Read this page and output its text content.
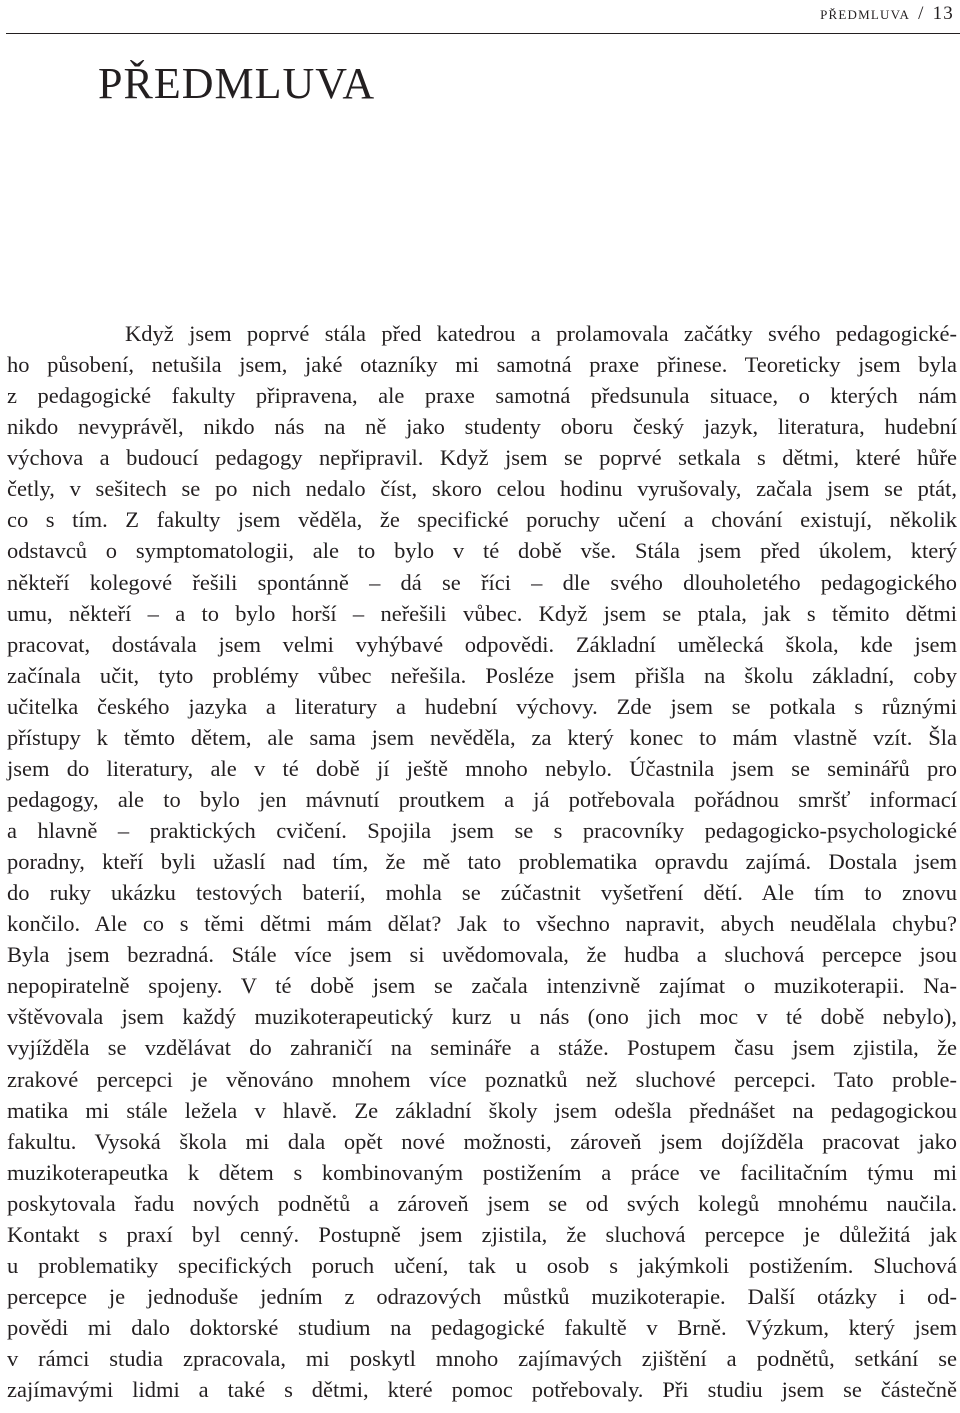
předmluva / 13
PŘEDMLUVA
Když jsem poprvé stála před katedrou a prolamovala začátky svého pedagogické-
ho působení, netušila jsem, jaké otazníky mi samotná praxe přinese. Teoreticky jsem byla
z pedagogické fakulty připravena, ale praxe samotná předsunula situace, o kterých nám
nikdo nevyprávěl, nikdo nás na ně jako studenty oboru český jazyk, literatura, hudební
výchova a budoucí pedagogy nepřipravil. Když jsem se poprvé setkala s dětmi, které hůře
četly, v sešitech se po nich nedalo číst, skoro celou hodinu vyrušovaly, začala jsem se ptát,
co s tím. Z fakulty jsem věděla, že specifické poruchy učení a chování existují, několik
odstavců o symptomatologii, ale to bylo v té době vše. Stála jsem před úkolem, který
někteří kolegové řešili spontánně – dá se říci – dle svého dlouholetého pedagogického
umu, někteří – a to bylo horší – neřešili vůbec. Když jsem se ptala, jak s těmito dětmi
pracovat, dostávala jsem velmi vyhýbavé odpovědi. Základní umělecká škola, kde jsem
začínala učit, tyto problémy vůbec neřešila. Posléze jsem přišla na školu základní, coby
učitelka českého jazyka a literatury a hudební výchovy. Zde jsem se potkala s různými
přístupy k těmto dětem, ale sama jsem nevěděla, za který konec to mám vlastně vzít. Šla
jsem do literatury, ale v té době jí ještě mnoho nebylo. Účastnila jsem se seminářů pro
pedagogy, ale to bylo jen mávnutí proutkem a já potřebovala pořádnou smršť informací
a hlavně – praktických cvičení. Spojila jsem se s pracovníky pedagogicko-psychologické
poradny, kteří byli užaslí nad tím, že mě tato problematika opravdu zajímá. Dostala jsem
do ruky ukázku testových baterií, mohla se zúčastnit vyšetření dětí. Ale tím to znovu
končilo. Ale co s těmi dětmi mám dělat? Jak to všechno napravit, abych neudělala chybu?
Byla jsem bezradná. Stále více jsem si uvědomovala, že hudba a sluchová percepce jsou
nepopiratelně spojeny. V té době jsem se začala intenzivně zajímat o muzikoterapii. Na-
vštěvovala jsem každý muzikoterapeutický kurz u nás (ono jich moc v té době nebylo),
vyjížděla se vzdělávat do zahraničí na semináře a stáže. Postupem času jsem zjistila, že
zrakové percepci je věnováno mnohem více poznatků než sluchové percepci. Tato proble-
matika mi stále ležela v hlavě. Ze základní školy jsem odešla přednášet na pedagogickou
fakultu. Vysoká škola mi dala opět nové možnosti, zároveň jsem dojížděla pracovat jako
muzikoterapeutka k dětem s kombinovaným postižením a práce ve facilitačním týmu mi
poskytovala řadu nových podnětů a zároveň jsem se od svých kolegů mnohému naučila.
Kontakt s praxí byl cenný. Postupně jsem zjistila, že sluchová percepce je důležitá jak
u problematiky specifických poruch učení, tak u osob s jakýmkoli postižením. Sluchová
percepce je jednoduše jedním z odrazových můstků muzikoterapie. Další otázky i od-
povědi mi dalo doktorské studium na pedagogické fakultě v Brně. Výzkum, který jsem
v rámci studia zpracovala, mi poskytl mnoho zajímavých zjištění a podnětů, setkání se
zajímavými lidmi a také s dětmi, které pomoc potřebovaly. Při studiu jsem se částečně
